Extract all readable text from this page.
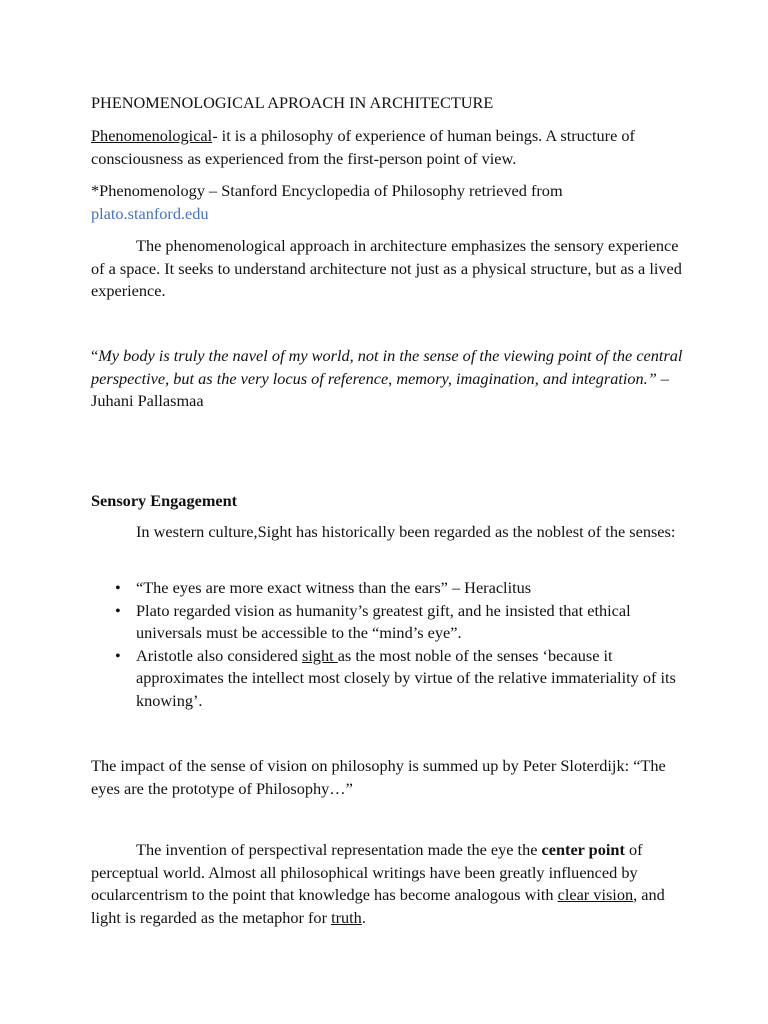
PHENOMENOLOGICAL APROACH IN ARCHITECTURE

Phenomenological- it is a philosophy of experience of human beings. A structure of consciousness as experienced from the first-person point of view.

*Phenomenology – Stanford Encyclopedia of Philosophy retrieved from
plato.stanford.edu

The phenomenological approach in architecture emphasizes the sensory experience of a space. It seeks to understand architecture not just as a physical structure, but as a lived experience.

“My body is truly the navel of my world, not in the sense of the viewing point of the central perspective, but as the very locus of reference, memory, imagination, and integration.” – Juhani Pallasmaa

Sensory Engagement

In western culture,Sight has historically been regarded as the noblest of the senses:

• “The eyes are more exact witness than the ears” – Heraclitus
• Plato regarded vision as humanity’s greatest gift, and he insisted that ethical universals must be accessible to the “mind’s eye”.
• Aristotle also considered sight as the most noble of the senses ‘because it approximates the intellect most closely by virtue of the relative immateriality of its knowing’.

The impact of the sense of vision on philosophy is summed up by Peter Sloterdijk: “The eyes are the prototype of Philosophy…”

The invention of perspectival representation made the eye the center point of perceptual world. Almost all philosophical writings have been greatly influenced by ocularcentrism to the point that knowledge has become analogous with clear vision, and light is regarded as the metaphor for truth.
